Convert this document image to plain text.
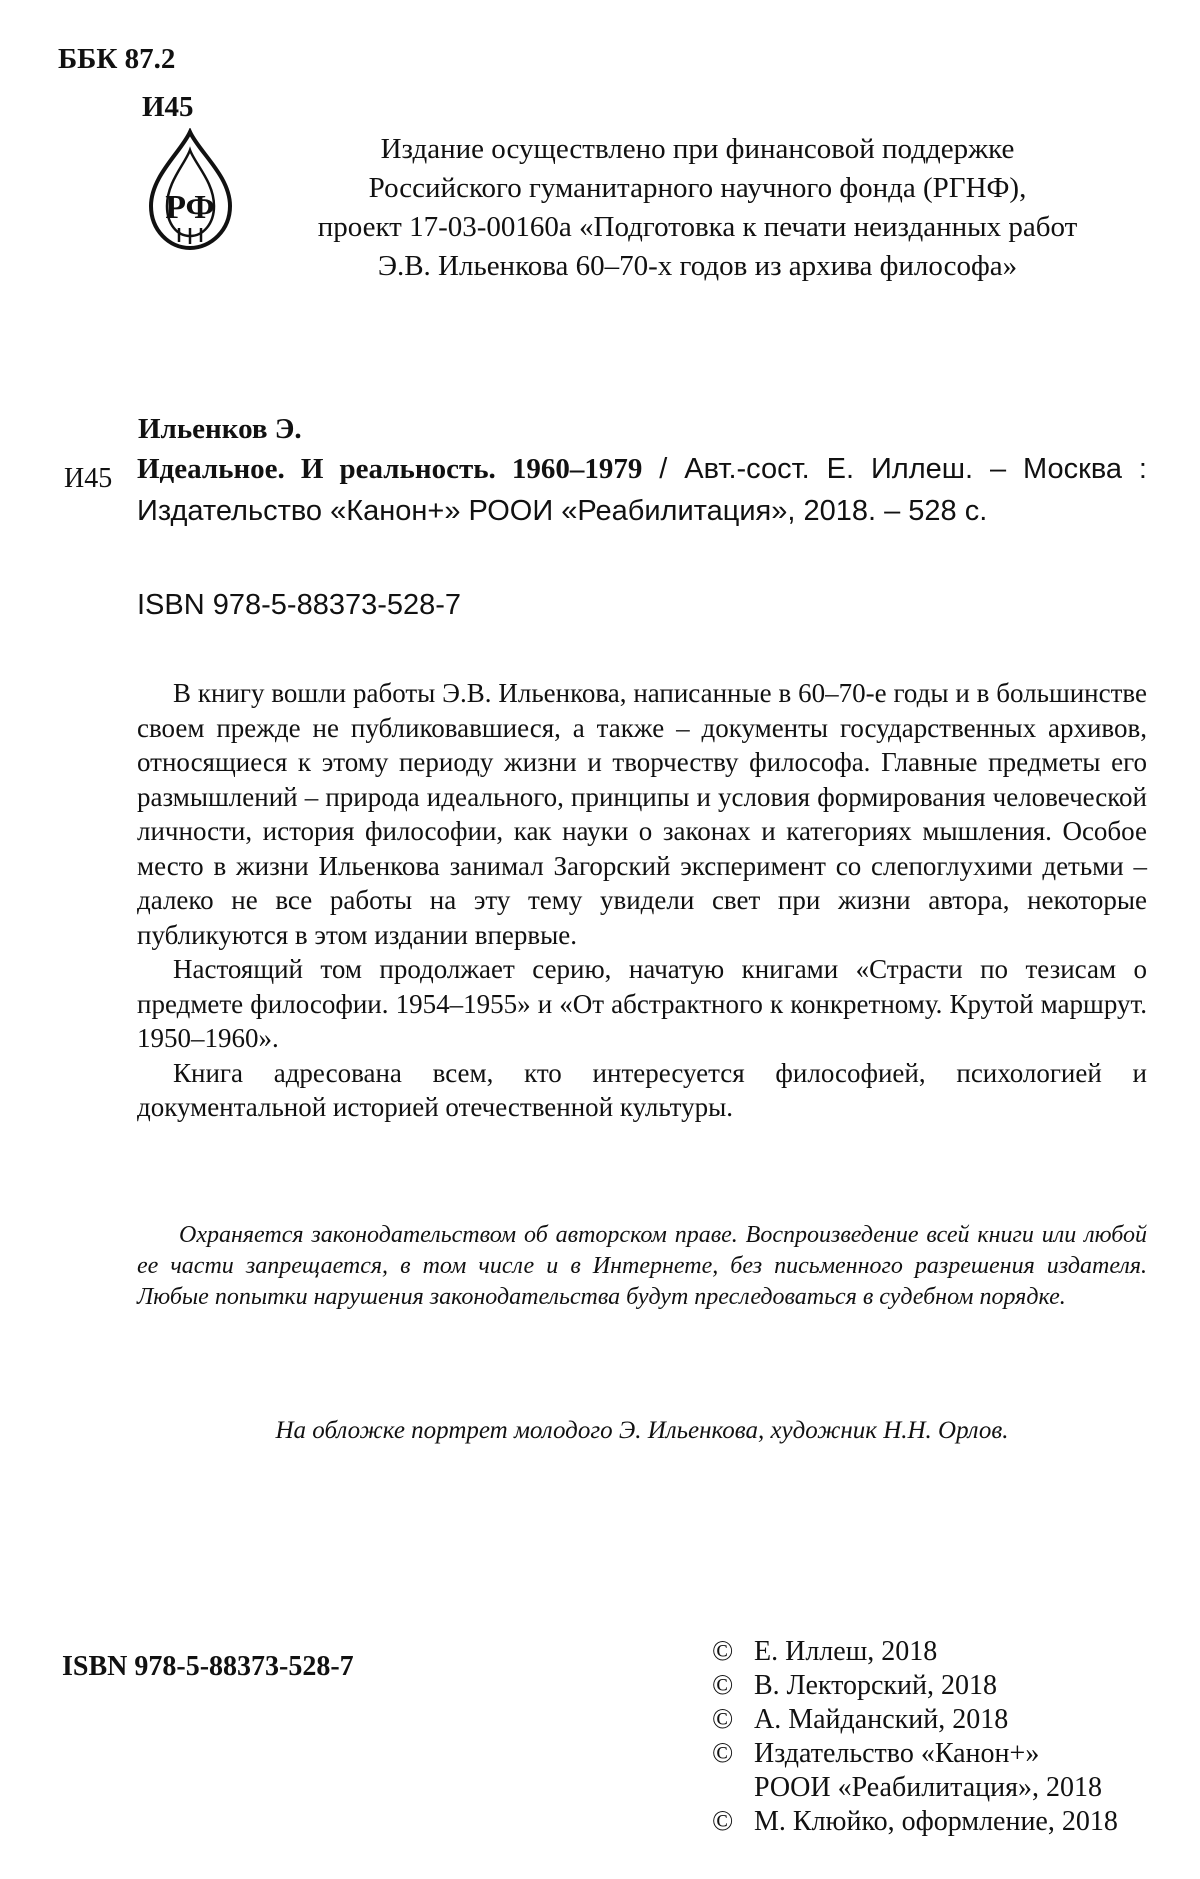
ББК 87.2
И45
РФ
Издание осуществлено при финансовой поддержке
Российского гуманитарного научного фонда (РГНФ),
проект 17-03-00160а «Подготовка к печати неизданных работ
Э.В. Ильенкова 60–70-х годов из архива философа»
Ильенков Э.
И45 Идеальное. И реальность. 1960–1979 / Авт.-сост. Е. Иллеш. – Москва : Издательство «Канон+» РООИ «Реабилитация», 2018. – 528 с.
ISBN 978-5-88373-528-7

В книгу вошли работы Э.В. Ильенкова, написанные в 60–70-е годы и в большинстве своем прежде не публиковавшиеся, а также – документы государственных архивов, относящиеся к этому периоду жизни и творчеству философа. Главные предметы его размышлений – природа идеального, принципы и условия формирования человеческой личности, история философии, как науки о законах и категориях мышления. Особое место в жизни Ильенкова занимал Загорский эксперимент со слепоглухими детьми – далеко не все работы на эту тему увидели свет при жизни автора, некоторые публикуются в этом издании впервые.

Настоящий том продолжает серию, начатую книгами «Страсти по тезисам о предмете философии. 1954–1955» и «От абстрактного к конкретному. Крутой маршрут. 1950–1960».

Книга адресована всем, кто интересуется философией, психологией и документальной историей отечественной культуры.

Охраняется законодательством об авторском праве. Воспроизведение всей книги или любой ее части запрещается, в том числе и в Интернете, без письменного разрешения издателя. Любые попытки нарушения законодательства будут преследоваться в судебном порядке.
На обложке портрет молодого Э. Ильенкова, художник Н.Н. Орлов.
ISBN 978-5-88373-528-7	© Е. Иллеш, 2018
© В. Лекторский, 2018
© А. Майданский, 2018
© Издательство «Канон+»
РООИ «Реабилитация», 2018
© М. Клюйко, оформление, 2018
